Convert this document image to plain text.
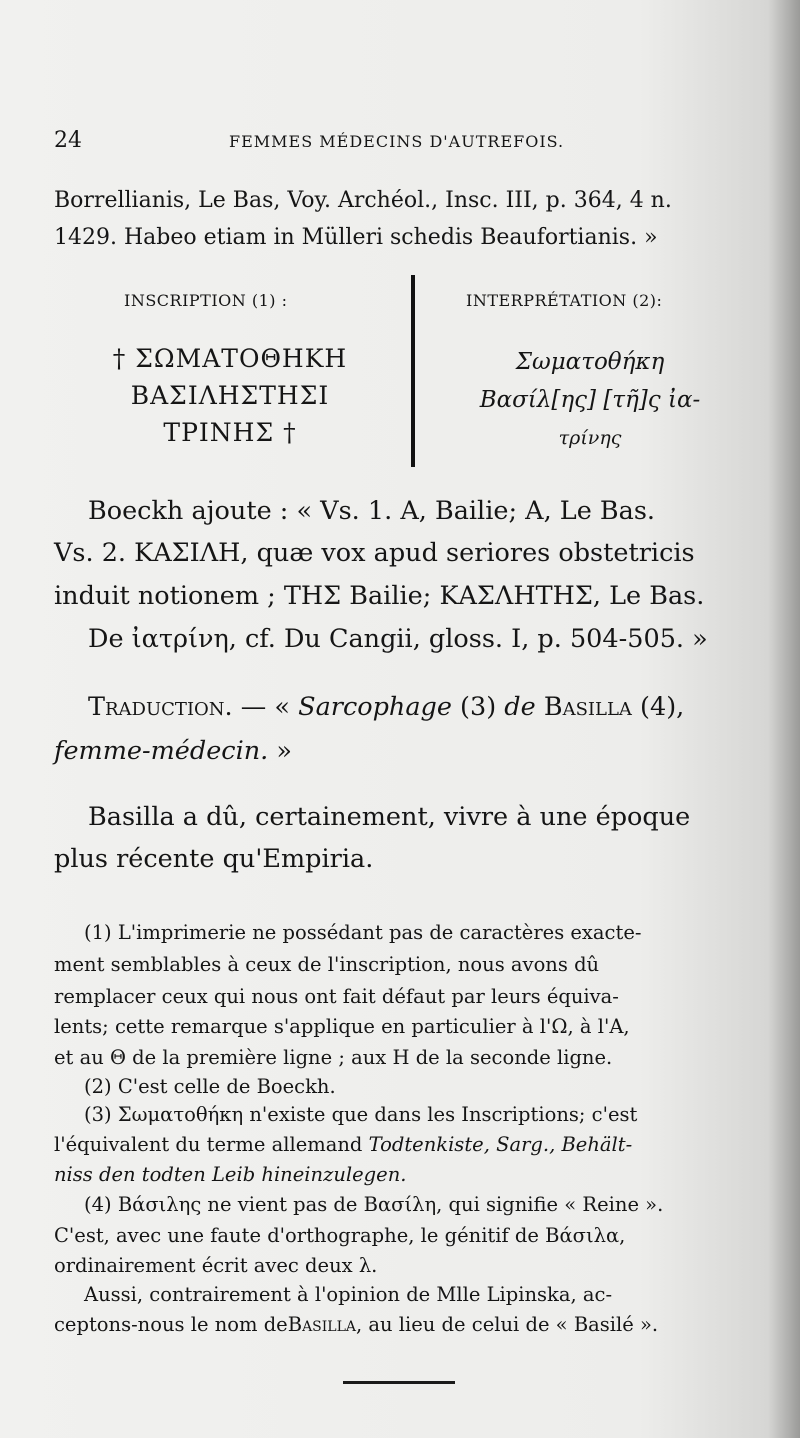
24	FEMMES MÉDECINS D'AUTREFOIS.
Borrellianis, Le Bas, Voy. Archéol., Insc. III, p. 364, 4 n.
1429. Habeo etiam in Mülleri schedis Beaufortianis. »
INSCRIPTION (1) :	INTERPRÉTATION (2):
† ΣΩΜΑΤΟΘΗΚΗ
ΒΑΣΙΛΗΣΤΗΣΙ
ΤΡΙΝΗΣ †
Σωματοθήκη
Βασίλ[ης] [τῆ]ς ἰα-
τρίνης
Boeckh ajoute : « Vs. 1. A, Bailie; A, Le Bas.
Vs. 2. ΚΑΣΙΛΗ, quæ vox apud seriores obstetricis
induit notionem ; ΤΗΣ Bailie; ΚΑΣΛΗΤΗΣ, Le Bas.
De ἰατρίνη, cf. Du Cangii, gloss. I, p. 504-505. »
Traduction. — « Sarcophage (3) de Basilla (4),
femme-médecin. »
Basilla a dû, certainement, vivre à une époque
plus récente qu'Empiria.
(1) L'imprimerie ne possédant pas de caractères exacte-
ment semblables à ceux de l'inscription, nous avons dû
remplacer ceux qui nous ont fait défaut par leurs équiva-
lents; cette remarque s'applique en particulier à l'Ω, à l'A,
et au Θ de la première ligne ; aux H de la seconde ligne.
(2) C'est celle de Boeckh.
(3) Σωματοθήκη n'existe que dans les Inscriptions; c'est
l'équivalent du terme allemand Todtenkiste, Sarg., Behält-
niss den todten Leib hineinzulegen.
(4) Βάσιλης ne vient pas de Βασίλη, qui signifie « Reine ».
C'est, avec une faute d'orthographe, le génitif de Βάσιλα,
ordinairement écrit avec deux λ.
Aussi, contrairement à l'opinion de Mlle Lipinska, ac-
ceptons-nous le nom deBasilla, au lieu de celui de « Basilé ».
